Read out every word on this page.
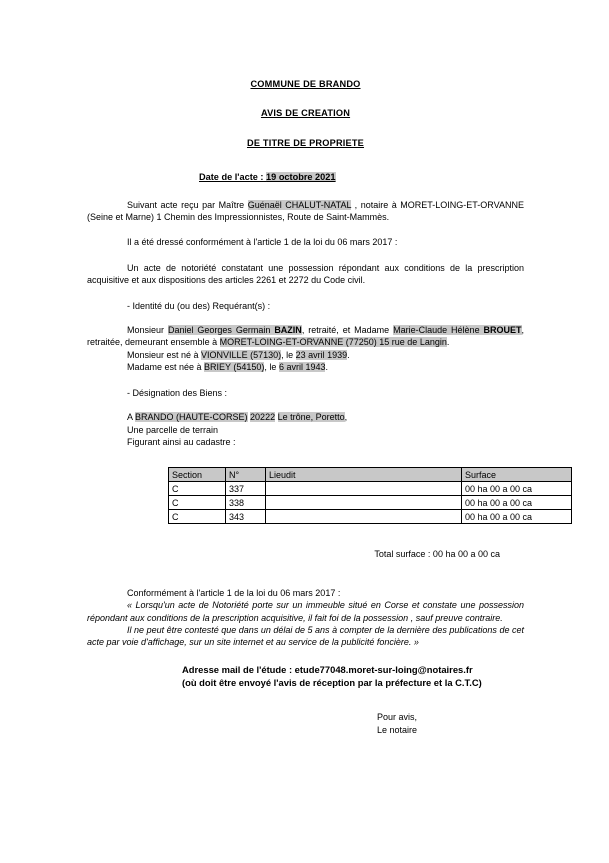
COMMUNE DE BRANDO
AVIS DE CREATION
DE TITRE DE PROPRIETE
Date de l'acte : 19 octobre 2021

Suivant acte reçu par Maître Guénaël CHALUT-NATAL , notaire à MORET-LOING-ET-ORVANNE (Seine et Marne) 1 Chemin des Impressionnistes, Route de Saint-Mammès.

Il a été dressé conformément à l'article 1 de la loi du 06 mars 2017 :

Un acte de notoriété constatant une possession répondant aux conditions de la prescription acquisitive et aux dispositions des articles 2261 et 2272 du Code civil.

- Identité du (ou des) Requérant(s) :

Monsieur Daniel Georges Germain BAZIN, retraité, et Madame Marie-Claude Hélène BROUET, retraitée, demeurant ensemble à MORET-LOING-ET-ORVANNE (77250) 15 rue de Langin.

Monsieur est né à VIONVILLE (57130), le 23 avril 1939.

Madame est née à BRIEY (54150), le 6 avril 1943.

- Désignation des Biens :

A BRANDO (HAUTE-CORSE) 20222 Le trône, Poretto,

Une parcelle de terrain

Figurant ainsi au cadastre :

Section	N°	Lieudit	Surface
C	337		00 ha 00 a 00 ca
C	338		00 ha 00 a 00 ca
C	343		00 ha 00 a 00 ca

Total surface : 00 ha 00 a 00 ca

Conformément à l'article 1 de la loi du 06 mars 2017 :

« Lorsqu'un acte de Notoriété porte sur un immeuble situé en Corse et constate une possession répondant aux conditions de la prescription acquisitive, il fait foi de la possession , sauf preuve contraire.

Il ne peut être contesté que dans un délai de 5 ans à compter de la dernière des publications de cet acte par voie d'affichage, sur un site internet et au service de la publicité foncière. »

Adresse mail de l'étude : etude77048.moret-sur-loing@notaires.fr
(où doit être envoyé l'avis de réception par la préfecture et la C.T.C)
Pour avis,
Le notaire
